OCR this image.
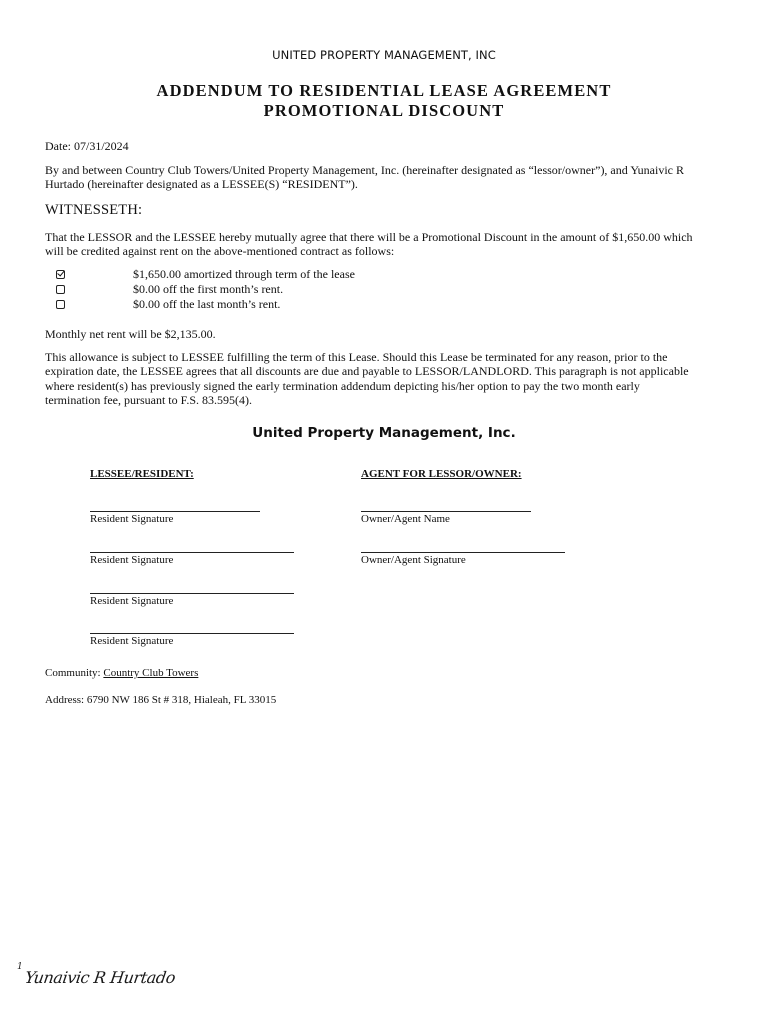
UNITED PROPERTY MANAGEMENT, INC
ADDENDUM TO RESIDENTIAL LEASE AGREEMENT
PROMOTIONAL DISCOUNT
Date: 07/31/2024
By and between Country Club Towers/United Property Management, Inc. (hereinafter designated as “lessor/owner”), and Yunaivic R
Hurtado (hereinafter designated as a LESSEE(S) “RESIDENT”).
WITNESSETH:
That the LESSOR and the LESSEE hereby mutually agree that there will be a Promotional Discount in the amount of $1,650.00 which
will be credited against rent on the above-mentioned contract as follows:
$1,650.00 amortized through term of the lease
$0.00 off the first month’s rent.
$0.00 off the last month’s rent.
Monthly net rent will be $2,135.00.
This allowance is subject to LESSEE fulfilling the term of this Lease. Should this Lease be terminated for any reason, prior to the
expiration date, the LESSEE agrees that all discounts are due and payable to LESSOR/LANDLORD. This paragraph is not applicable
where resident(s) has previously signed the early termination addendum depicting his/her option to pay the two month early
termination fee, pursuant to F.S. 83.595(4).
United Property Management, Inc.
LESSEE/RESIDENT:	AGENT FOR LESSOR/OWNER:
Resident Signature
Resident Signature
Resident Signature
Resident Signature
Owner/Agent Name
Owner/Agent Signature
Community: Country Club Towers
Address: 6790 NW 186 St # 318, Hialeah, FL 33015
1
Yunaivic R Hurtado
